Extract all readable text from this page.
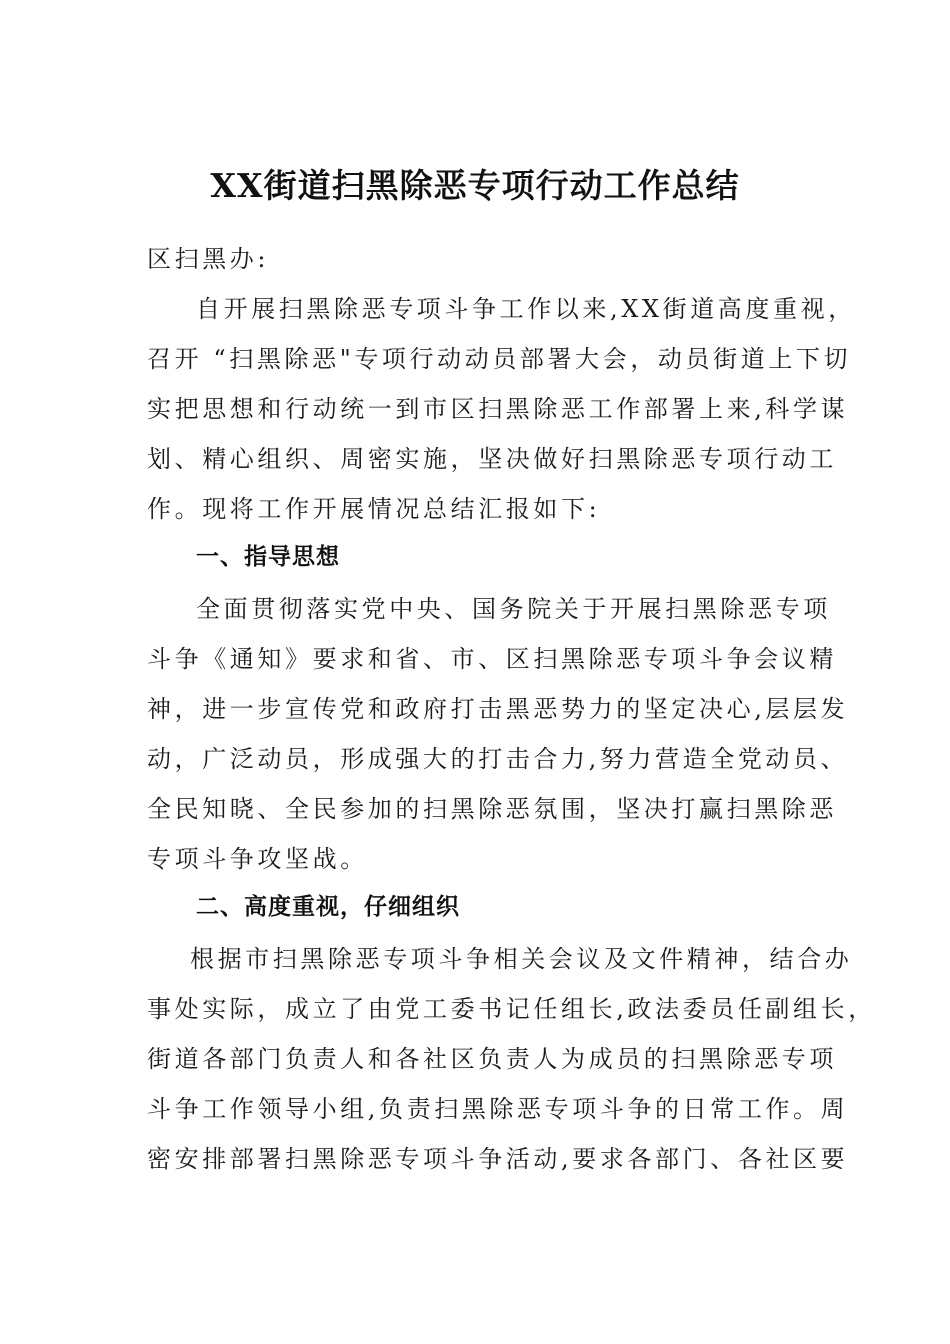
XX街道扫黑除恶专项行动工作总结

区扫黑办:

自开展扫黑除恶专项斗争工作以来,XX街道高度重视，

召开 “扫黑除恶"专项行动动员部署大会，动员街道上下切

实把思想和行动统一到市区扫黑除恶工作部署上来,科学谋

划、精心组织、周密实施，坚决做好扫黑除恶专项行动工

作。现将工作开展情况总结汇报如下:

一、指导思想

全面贯彻落实党中央、国务院关于开展扫黑除恶专项

斗争《通知》要求和省、市、区扫黑除恶专项斗争会议精

神，进一步宣传党和政府打击黑恶势力的坚定决心,层层发

动，广泛动员，形成强大的打击合力,努力营造全党动员、

全民知晓、全民参加的扫黑除恶氛围，坚决打赢扫黑除恶

专项斗争攻坚战。

二、高度重视，仔细组织

根据市扫黑除恶专项斗争相关会议及文件精神，结合办

事处实际，成立了由党工委书记任组长,政法委员任副组长，

街道各部门负责人和各社区负责人为成员的扫黑除恶专项

斗争工作领导小组,负责扫黑除恶专项斗争的日常工作。周

密安排部署扫黑除恶专项斗争活动,要求各部门、各社区要
